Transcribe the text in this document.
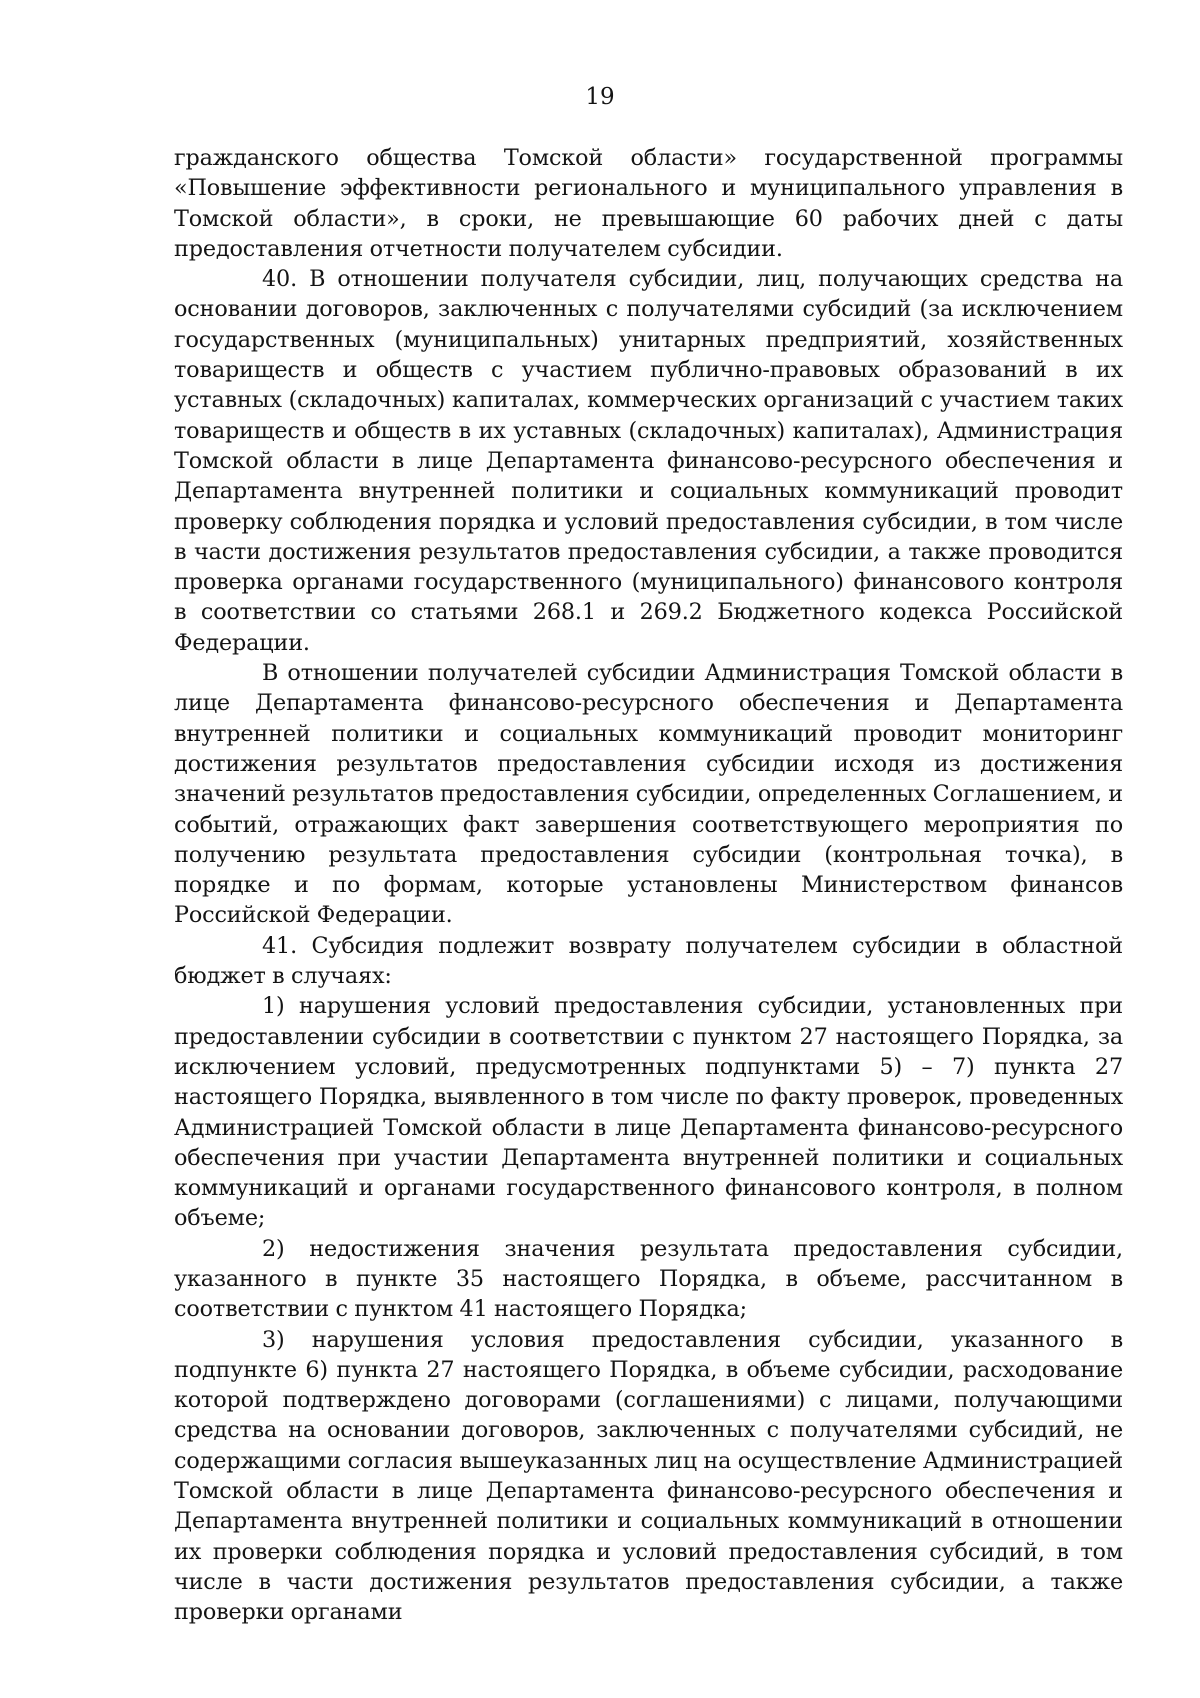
19

гражданского общества Томской области» государственной программы «Повышение эффективности регионального и муниципального управления в Томской области», в сроки, не превышающие 60 рабочих дней с даты предоставления отчетности получателем субсидии.

40. В отношении получателя субсидии, лиц, получающих средства на основании договоров, заключенных с получателями субсидий (за исключением государственных (муниципальных) унитарных предприятий, хозяйственных товариществ и обществ с участием публично-правовых образований в их уставных (складочных) капиталах, коммерческих организаций с участием таких товариществ и обществ в их уставных (складочных) капиталах), Администрация Томской области в лице Департамента финансово-ресурсного обеспечения и Департамента внутренней политики и социальных коммуникаций проводит проверку соблюдения порядка и условий предоставления субсидии, в том числе в части достижения результатов предоставления субсидии, а также проводится проверка органами государственного (муниципального) финансового контроля в соответствии со статьями 268.1 и 269.2 Бюджетного кодекса Российской Федерации.

В отношении получателей субсидии Администрация Томской области в лице Департамента финансово-ресурсного обеспечения и Департамента внутренней политики и социальных коммуникаций проводит мониторинг достижения результатов предоставления субсидии исходя из достижения значений результатов предоставления субсидии, определенных Соглашением, и событий, отражающих факт завершения соответствующего мероприятия по получению результата предоставления субсидии (контрольная точка), в порядке и по формам, которые установлены Министерством финансов Российской Федерации.

41. Субсидия подлежит возврату получателем субсидии в областной бюджет в случаях:

1) нарушения условий предоставления субсидии, установленных при предоставлении субсидии в соответствии с пунктом 27 настоящего Порядка, за исключением условий, предусмотренных подпунктами 5) – 7) пункта 27 настоящего Порядка, выявленного в том числе по факту проверок, проведенных Администрацией Томской области в лице Департамента финансово-ресурсного обеспечения при участии Департамента внутренней политики и социальных коммуникаций и органами государственного финансового контроля, в полном объеме;

2) недостижения значения результата предоставления субсидии, указанного в пункте 35 настоящего Порядка, в объеме, рассчитанном в соответствии с пунктом 41 настоящего Порядка;

3) нарушения условия предоставления субсидии, указанного в подпункте 6) пункта 27 настоящего Порядка, в объеме субсидии, расходование которой подтверждено договорами (соглашениями) с лицами, получающими средства на основании договоров, заключенных с получателями субсидий, не содержащими согласия вышеуказанных лиц на осуществление Администрацией Томской области в лице Департамента финансово-ресурсного обеспечения и Департамента внутренней политики и социальных коммуникаций в отношении их проверки соблюдения порядка и условий предоставления субсидий, в том числе в части достижения результатов предоставления субсидии, а также проверки органами
